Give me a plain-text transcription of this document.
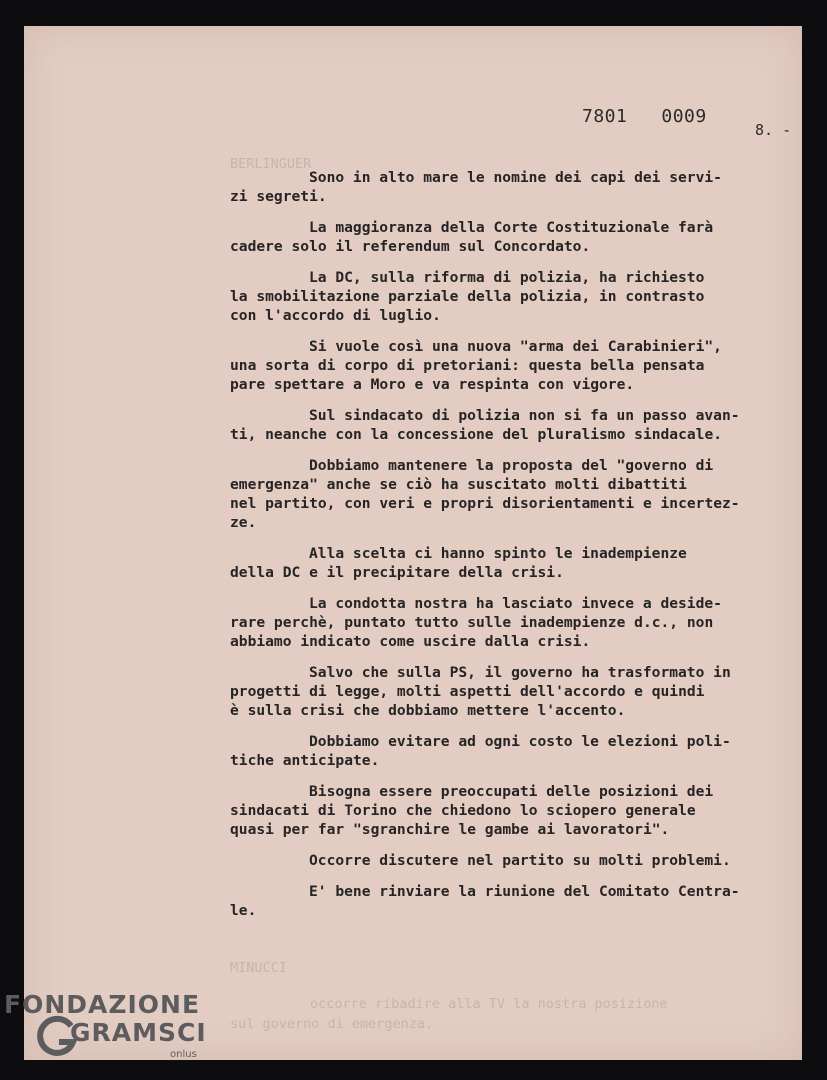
BERLINGUER
MINUCCI
occorre ribadire alla TV la nostra posizione
sul governo di emergenza.
7801 0009
8. -
Sono in alto mare le nomine dei capi dei servi-
zi segreti.
La maggioranza della Corte Costituzionale farà
cadere solo il referendum sul Concordato.
La DC, sulla riforma di polizia, ha richiesto
la smobilitazione parziale della polizia, in contrasto
con l'accordo di luglio.
Si vuole così una nuova "arma dei Carabinieri",
una sorta di corpo di pretoriani: questa bella pensata
pare spettare a Moro e va respinta con vigore.
Sul sindacato di polizia non si fa un passo avan-
ti, neanche con la concessione del pluralismo sindacale.
Dobbiamo mantenere la proposta del "governo di
emergenza" anche se ciò ha suscitato molti dibattiti
nel partito, con veri e propri disorientamenti e incertez-
ze.
Alla scelta ci hanno spinto le inadempienze
della DC e il precipitare della crisi.
La condotta nostra ha lasciato invece a deside-
rare perchè, puntato tutto sulle inadempienze d.c., non
abbiamo indicato come uscire dalla crisi.
Salvo che sulla PS, il governo ha trasformato in
progetti di legge, molti aspetti dell'accordo e quindi
è sulla crisi che dobbiamo mettere l'accento.
Dobbiamo evitare ad ogni costo le elezioni poli-
tiche anticipate.
Bisogna essere preoccupati delle posizioni dei
sindacati di Torino che chiedono lo sciopero generale
quasi per far "sgranchire le gambe ai lavoratori".
Occorre discutere nel partito su molti problemi.
E' bene rinviare la riunione del Comitato Centra-
le.
FONDAZIONE
GRAMSCI
onlus
